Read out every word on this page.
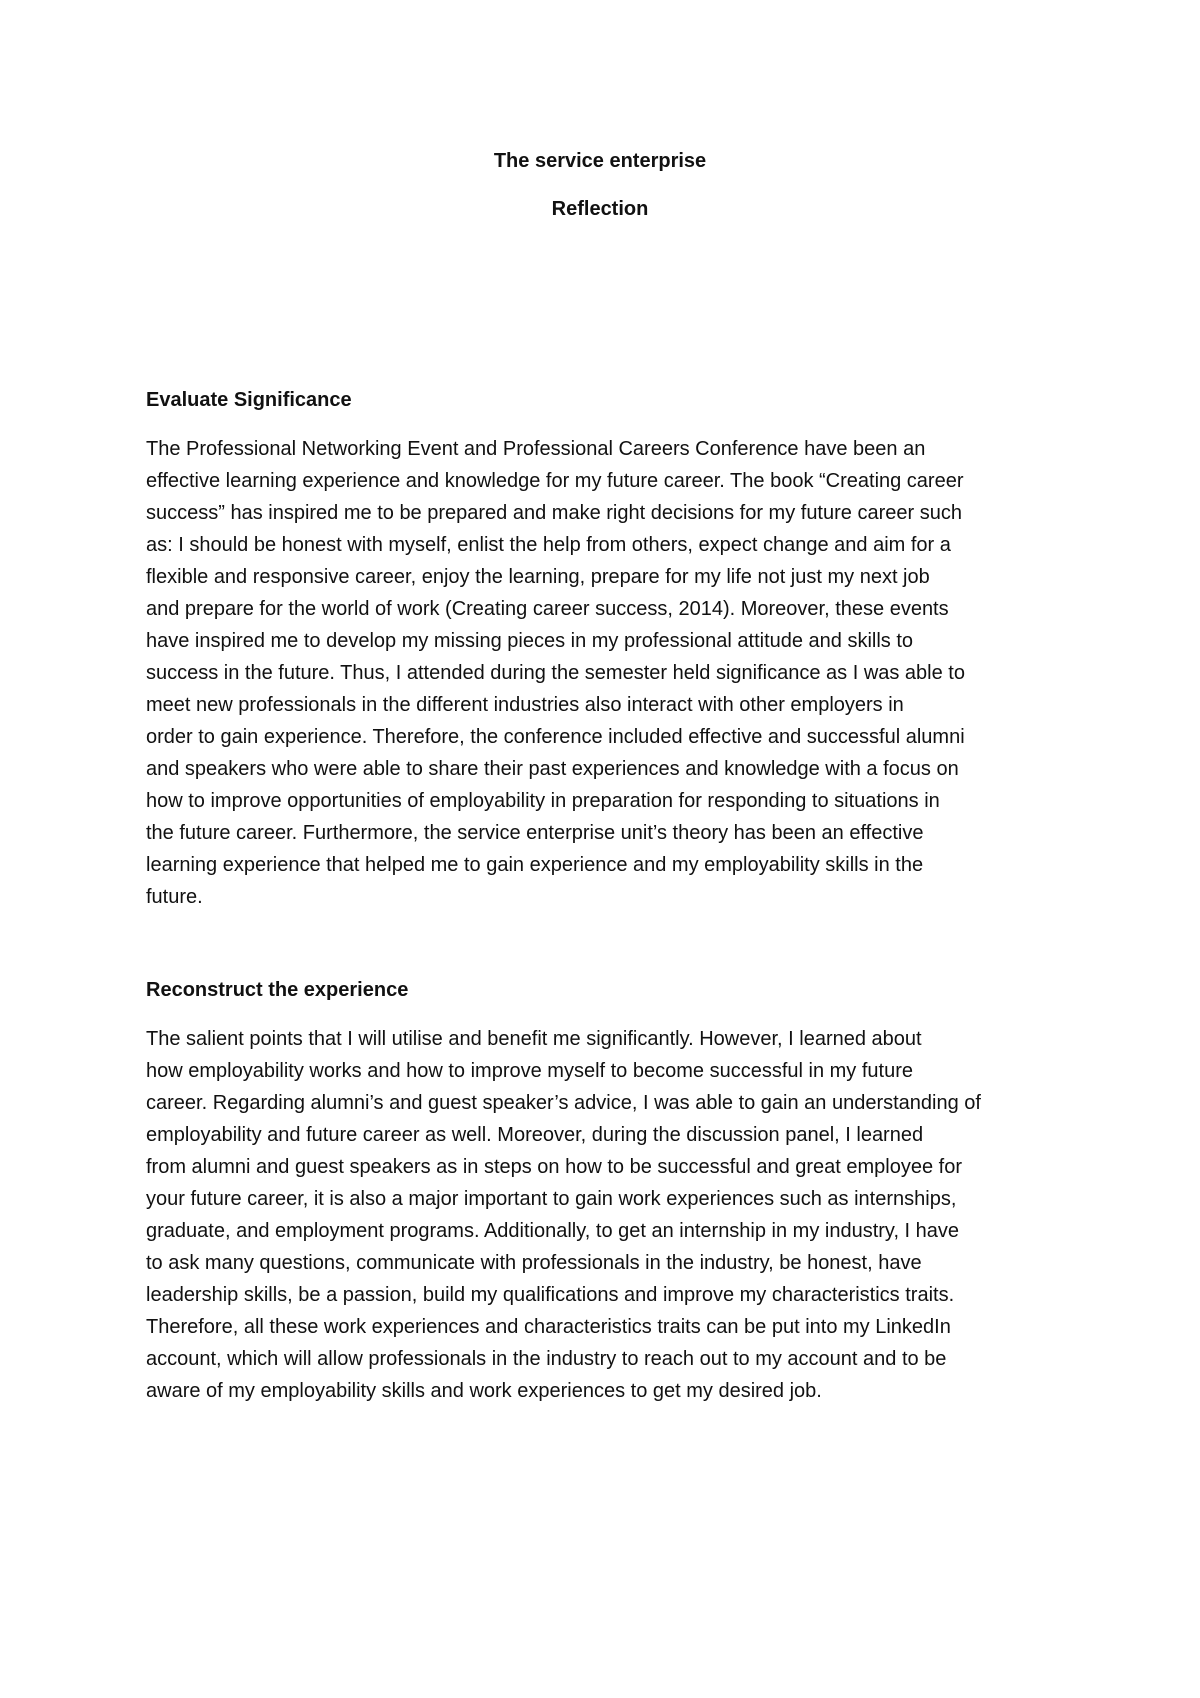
The service enterprise
Reflection
Evaluate Significance

The Professional Networking Event and Professional Careers Conference have been an
effective learning experience and knowledge for my future career. The book “Creating career
success” has inspired me to be prepared and make right decisions for my future career such
as: I should be honest with myself, enlist the help from others, expect change and aim for a
flexible and responsive career, enjoy the learning, prepare for my life not just my next job
and prepare for the world of work (Creating career success, 2014). Moreover, these events
have inspired me to develop my missing pieces in my professional attitude and skills to
success in the future. Thus, I attended during the semester held significance as I was able to
meet new professionals in the different industries also interact with other employers in
order to gain experience. Therefore, the conference included effective and successful alumni
and speakers who were able to share their past experiences and knowledge with a focus on
how to improve opportunities of employability in preparation for responding to situations in
the future career. Furthermore, the service enterprise unit’s theory has been an effective
learning experience that helped me to gain experience and my employability skills in the
future.

Reconstruct the experience

The salient points that I will utilise and benefit me significantly. However, I learned about
how employability works and how to improve myself to become successful in my future
career. Regarding alumni’s and guest speaker’s advice, I was able to gain an understanding of
employability and future career as well. Moreover, during the discussion panel, I learned
from alumni and guest speakers as in steps on how to be successful and great employee for
your future career, it is also a major important to gain work experiences such as internships,
graduate, and employment programs. Additionally, to get an internship in my industry, I have
to ask many questions, communicate with professionals in the industry, be honest, have
leadership skills, be a passion, build my qualifications and improve my characteristics traits.
Therefore, all these work experiences and characteristics traits can be put into my LinkedIn
account, which will allow professionals in the industry to reach out to my account and to be
aware of my employability skills and work experiences to get my desired job.
